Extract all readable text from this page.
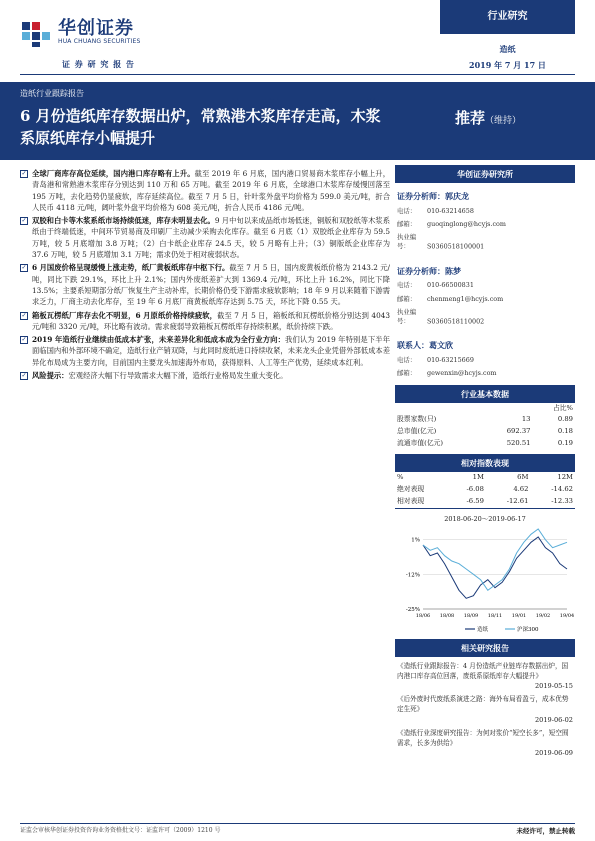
华创证券
HUA CHUANG SECURITIES
证 券 研 究 报 告
行业研究
造纸
2019 年 7 月 17 日
造纸行业跟踪报告
6 月份造纸库存数据出炉，常熟港木浆库存走高，木浆系原纸库存小幅提升
推荐（维持）
✓ 全球厂商库存高位延续，国内港口库存略有上升。截至 2019 年 6 月底，国内港口贸易商木浆库存小幅上升，青岛港和常熟港木浆库存分别达到 110 万和 65 万吨。截至 2019 年 6 月底，全球港口木浆库存缓慢回落至 195 万吨，去化趋势仍显疲软，库存延续高位。截至 7 月 5 日，针叶浆外盘平均价格为 599.0 美元/吨，折合人民币 4118 元/吨，阔叶浆外盘平均价格为 608 美元/吨，折合人民币 4186 元/吨。
✓ 双胶和白卡等木浆系纸市场持续低迷，库存未明显去化。9 月中旬以来成品纸市场低迷，铜版和双胶纸等木浆系纸由于终端低迷，中间环节贸易商及印刷厂主动减少采购去化库存。截至 6 月底（1）双胶纸企业库存为 59.5 万吨，较 5 月底增加 3.8 万吨；（2）白卡纸企业库存 24.5 天，较 5 月略有上升；（3）铜版纸企业库存为 37.6 万吨，较 5 月底增加 3.1 万吨；需求仍处于相对疲弱状态。
✓ 6 月国废价格呈现缓慢上涨走势，纸厂黄板纸库存中枢下行。截至 7 月 5 日，国内废黄板纸价格为 2143.2 元/吨，同比下跌 29.1%，环比上升 2.1%；国内外废纸差扩大到 1369.4 元/吨，环比上升 16.2%，同比下降 13.5%；主要系短期部分纸厂恢复生产主动补库，长期价格仍受下游需求疲软影响；18 年 9 月以来随着下游需求乏力，厂商主动去化库存，至 19 年 6 月底厂商黄板纸库存达到 5.75 天，环比下降 0.55 天。
✓ 箱板瓦楞纸厂库存去化不明显，6 月原纸价格持续疲软，截至 7 月 5 日，箱板纸和瓦楞纸价格分别达到 4043 元/吨和 3320 元/吨，环比略有波动。需求疲弱导致箱板瓦楞纸库存持续积累，纸价持续下跌。
✓ 2019 年造纸行业继续由低成本扩张，未来差异化和低成本成为全行业方向：我们认为 2019 年特别是下半年面临国内和外部环境不确定，造纸行业产销双降，与此同时废纸进口持续收紧，未来龙头企业凭借外部低成本差异化布局成为主要方向，目前国内主要龙头加速海外布局，获得原料、人工等生产优势，延续成本红利。
✓ 风险提示：宏观经济大幅下行导致需求大幅下滑，造纸行业格局发生重大变化。
华创证券研究所
证券分析师：郭庆龙
电话： 010-63214658
邮箱： guoqinglong@hcyjs.com
执业编号：	S0360518100001
证券分析师：陈梦
电话： 010-66500831
邮箱： chenmeng1@hcyjs.com
执业编号：	S0360518110002
联系人：葛文欣
电话： 010-63215669
邮箱： gewenxin@hcyjs.com
行业基本数据
		占比%
股票家数(只)	13	0.89
总市值(亿元)	692.37	0.18
流通市值(亿元)	520.51	0.19
相对指数表现
%	1M	6M	12M
绝对表现	-6.08	4.62	-14.62
相对表现	-6.59	-12.61	-12.33
2018-06-20～2019-06-17
1%
-12%
-25%
18/06 18/08 18/09 18/11 19/01 19/02 19/04
造纸	沪深300
相关研究报告
《造纸行业跟踪报告：4 月份造纸产业链库存数据出炉，国内港口库存高位回落，废纸系原纸库存大幅提升》
2019-05-15
《后外废时代废纸系演进之路：海外布局看盈亏，成本优势定生死》
2019-06-02
《造纸行业深度研究报告：为何对浆价“短空长多”，短空囿需求，长多为供给》
2019-06-09
证监会审核华创证券投资咨询业务资格批文号：证监许可（2009）1210 号	未经许可，禁止转载
